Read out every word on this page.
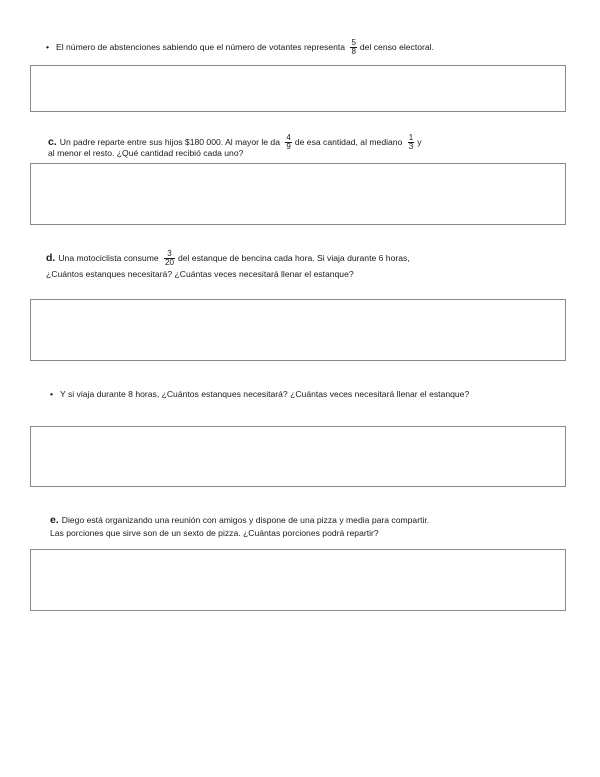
• El número de abstenciones sabiendo que el número de votantes representa $\frac{5}{8}$ del censo electoral.
c. Un padre reparte entre sus hijos $180 000. Al mayor le da $\frac{4}{9}$ de esa cantidad, al mediano $\frac{1}{3}$ y
al menor el resto. ¿Qué cantidad recibió cada uno?
d. Una motociclista consume $\frac{3}{20}$ del estanque de bencina cada hora. Si viaja durante 6 horas,
¿Cuántos estanques necesitará? ¿Cuántas veces necesitará llenar el estanque?
• Y si viaja durante 8 horas, ¿Cuántos estanques necesitará? ¿Cuántas veces necesitará llenar el estanque?
e. Diego está organizando una reunión con amigos y dispone de una pizza y media para compartir.
Las porciones que sirve son de un sexto de pizza. ¿Cuántas porciones podrá repartir?
